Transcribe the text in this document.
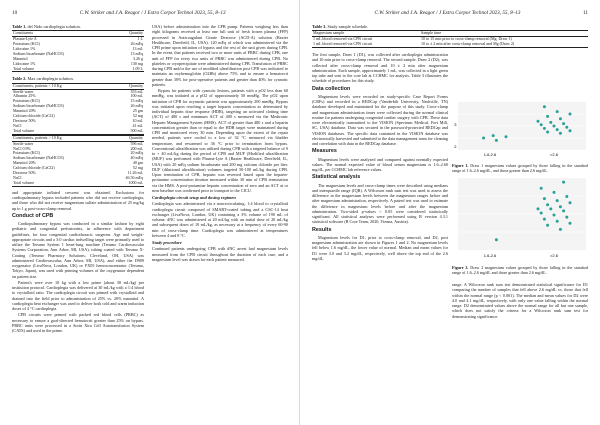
10	C.W. Striker and J.A. Reagor / J Extra Corpor Technol 2023, 55, 8–13
Table 1. del Nido cardioplegia solution.
Constituents	Quantity
Plasma-Lyte A	1 L
Potassium (KCl)	26 mEq
Lidocaine 1%	13 mL
Sodium bicarbonate (NaHCO3)	13 mEq
Mannitol	3.26 g
Lidocaine 1%	130 mg
Total volume	1.09 L
Table 2. Max cardioplegia solution.
Constituents, patients < 10 Kg	Quantity
Sterile water	353 mL
Albumin 25%	100 mL
Potassium (KCl)	15 mEq
Sodium bicarbonate (NaHCO3)	26 mEq
Mannitol 20%	25 gm
Calcium chloride (CaCl2)	52 mg
Dextrose 50%	10 mL
NaCl	41 mL
Total volume	500 mL
Constituents, patients > 10 Kg	Quantity
Sterile water	596 mL
NaCl 0.9%	200 mL
Potassium (KCl)	20 mEq
Sodium bicarbonate (NaHCO3)	40 mEq
Mannitol 20%	40 gm
Calcium chloride (CaCl2)	52 mg
Dextrose 50%	11.26 mL
NaCl	46.56 mEq
Total volume	1000 mL

and appropriate inflated crescent was obtained. Exclusions for cardiopulmonary bypass included patients who did not receive cardioplegia, and those who did not receive magnesium sulfate administration of 25 mg/kg up to 1 g post-cross-clamp removal.

Conduct of CPB

Cardiopulmonary bypass was conducted in a similar fashion by eight pediatric and congenital perfusionists, in adherence with department guidelines, for four congenital cardiothoracic surgeons. Age and weight-appropriate circuits and a 3:0 cardiac indwelling target were primarily used to utilize the Terumo System 1 heart-lung machine (Terumo Cardiovascular Systems Corporation, Ann Arbor, MI, USA), tubing coated with Terumo X-Coating (Terumo Pharmacy Solutions, Cleveland, OH, USA) was administered Cardiovascular, Ann Arbor, MI, USA), and either the D909 oxygenator (LivaNova, London, UK) or FX05 hemoconcentrator (Terumo, Tokyo, Japan), was used with priming volumes of the oxygenator dependent on patient size.

Patient's were over 10 kg with a low prime (about 30 mL/kg) per institution protocol. Cardioplegia was delivered at 30 mL/kg with a 1:4 blood to crystalloid ratio. The cardioplegia circuit was primed with crystalloid and drained into the field prior to administration of 25% vs. 20% mannitol. A cardioplegia heat exchanger was used to deliver both cold and warm induction doses of 4 °C cardioplegia.

CPB circuits were primed with packed red blood cells (PRBC) as necessary to ensure a goal-directed hematocrit greater than 25% on bypass. PRBC units were processed in a Sorin Xtra Cell Autotransfusion System (CATS) and used in the prime.

USA) before administration into the CPB pump. Patients weighing less than eight kilograms received at least one full unit of fresh frozen plasma (FFP) processed in Anticoagulant Citrate Dextrose (ACD-A) solution (Baxter Healthcare, Deerfield, IL, USA). 120 mEq of which was administered via the CPB prime upon initiation of bypass and the rest of the unit given during CPB. In the event, that patients received two or more units of PRBC during CPB, one unit of FFP for every two units of PRBC was administered during CPB. No platelets or cryoprecipitate were administered during CPB. Transfusion of PRBC during CPB and/or the use of modified ultrafiltration post CPB was indicated to maintain an oxyhemoglobin (O2Hb) above 75% and to ensure a hematocrit greater than 30% for post-operative patients and greater than 40% for cyanotic patients.

Bypass for patients with cyanotic lesions, patients with a pO2 less than 60 mmHg, was initiated at a pO2 of approximately 50 mmHg. The pO2 upon initiation of CPB for acyanotic patients was approximately 200 mmHg. Bypass was initiated upon reaching a target heparin concentration as determined by individual heparin dose response (HDR), targeting an activated clotting time (ACT) of 480 s and minimum ACT of 400 s measured via the Medtronic Heparin Management System (HMS). ACT of greater than 480 s and a heparin concentration greater than or equal to the HDR target were maintained during CPB and monitored every 30 min. Depending upon the extent of the repair needed, patients were cooled to a low of 32 °C measured via bladder temperature, and rewarmed to 36 °C prior to termination from bypass. Conventional ultrafiltration was utilized during CPB with a targeted balance of 0 to + 40 mL/kg during the period of CPB and MUF (Modified ultrafiltration (MUF) was performed with Plasma-Lyte A (Baxter Healthcare, Deerfield, IL, USA) with 20 mEq sodium bicarbonate and 200 mg calcium chloride per liter. DUF (dilutional ultrafiltration) volumes targeted 50-100 mL/kg during CPB. Upon termination of CPB, heparin was reversed based upon the heparin-protamine concentration titration measured within 30 min of CPB termination via the HMS. A post-protamine heparin concentration of zero and an ACT at or near baseline was confirmed prior to transport to the CICU.

Cardioplegia circuit setup and dosing regimen

Cardioplegia was administered via a nonrecirculating, 1:4 blood to crystalloid cardioplegia circuit composed of SMART-coated tubing and a CSC-14 heat exchanger (LivaNova, London, UK) containing a 3% volume of 190 mL of volume. dNC was administered at 20 mL/kg with an initial dose of 20 mL/kg and subsequent doses of 10 mL/kg, as necessary at a frequency of every 60-90 min of cross-clamp time. Cardioplegia was administered at temperatures between 4 and 8 °C.

Study procedure

Continued patients undergoing CPB with dNC arrest had magnesium levels measured from the CPB circuit throughout the duration of each case, and a magnesium level was drawn for each patient measured.

C.W. Striker and J.A. Reagor / J Extra Corpor Technol 2023, 55, 8–13	11
Table 3. Study sample schedule.
Magnesium sample	Sample time
1 mL blood removed via CPB circuit	10 to 15 min prior to cross-clamp removal (Mg, Draw 1)
1 mL blood removed via CPB circuit	10 to ± 2 min after cross-clamp removal and Mg (Draw 2)

The first sample, Draw 1 (D1), was collected after cardioplegia administration and 10 min prior to cross-clamp removal. The second sample, Draw 2 (D2), was collected after cross-clamp removal and 10 ± 2 min after magnesium administration. Each sample, approximately 1 mL, was collected in a light green top tube and sent to the core lab at CCHMC for analysis. Table 3 illustrates the schedule of procedures for this study.

Data collection

Magnesium levels were recorded on study-specific Case Report Forms (CRFs) and recorded in a REDCap (Vanderbilt University, Nashville, TN) database developed and maintained for the purpose of this study. Cross-clamp and magnesium administration times were collected during the normal clinical routine for patients undergoing congenital cardiac surgery with CPB. These data were electronically transmitted to the VISION (Spectrum Medical, Fort Mill, SC, USA) database. Data was secured in the password-protected REDCap and VISION databases. The specific data contained in the VISION database was electronically harvested and submitted to the data management team for cleaning and correlation with data in the REDCap database.

Measures

Magnesium levels were analyzed and compared against normally expected values. The normal expected value of blood serum magnesium is 1.6–2.60 mg/dL, per CCHMC lab reference values.

Statistical analysis

The magnesium levels and cross-clamp times were described using medians and interquartile range (IQR). A Wilcoxon rank sum test was used to assess the difference in the magnesium levels between the magnesium ranges before and after magnesium administration, respectively. A paired test was used to estimate the difference in magnesium levels before and after the magnesium administration. Two-sided p-values < 0.05 were considered statistically significant. All statistical analyses were performed using R version 4.3.1 statistical software (R Core Team, 2020, Vienna, Austria).

Results

Magnesium levels for D1, prior to cross-clamp removal, and D2, post magnesium administration are shown in Figures 1 and 2. No magnesium levels fell below 1.6 mg/dL, the lower value of normal. Median and mean values for D1 were 3.0 and 3.2 mg/dL, respectively, well above the top end of the 2.6 mg/dL.

3
2
1.6-2.6	>2.6
Figure 1. Draw 1 magnesium values grouped by those falling in the standard range of 1.6–2.6 mg/dL, and those greater than 2.6 mg/dL.
1.6-2.6	>2.6
Figure 2. Draw 2 magnesium values grouped by those falling in the standard range of 1.6–2.6 mg/dL and those greater than 2.6 mg/dL.

range. A Wilcoxon rank sum test demonstrated statistical significance for D1 comparing the number of samples that fell above 2.6 mg/dL vs. those that fell within the normal range (p < 0.001). The median and mean values for D2 were 4.0 and 4.1 mg/dL, respectively, with only one value falling within the normal range. D2 demonstrated values above the normal range for all but one sample, which does not satisfy the criteria for a Wilcoxon rank sum test for demonstrating significance.
